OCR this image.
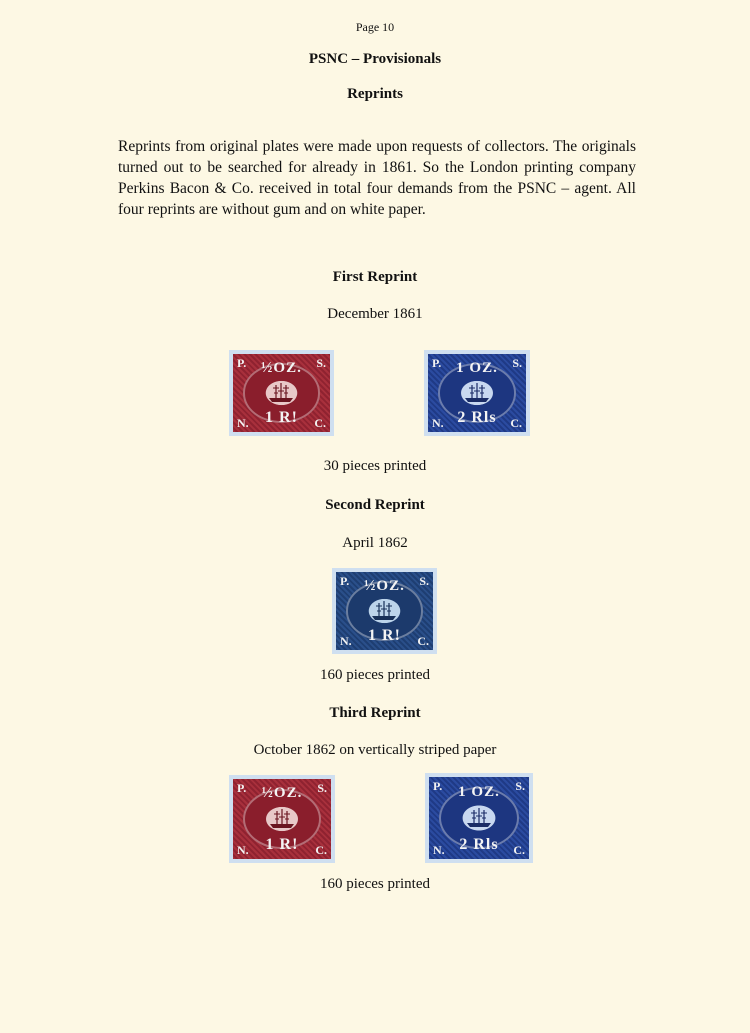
Page 10
PSNC – Provisionals
Reprints
Reprints from original plates were made upon requests of collectors. The originals turned out to be searched for already in 1861. So the London printing company Perkins Bacon & Co. received in total four demands from the PSNC – agent. All four reprints are without gum and on white paper.
First Reprint
December 1861
P.	S.
N.	C.
½OZ.
1 R!
P.	S.
N.	C.
1 OZ.
2 Rls
30 pieces printed
Second Reprint
April 1862
P.	S.
N.	C.
½OZ.
1 R!
160 pieces printed
Third Reprint
October 1862 on vertically striped paper
P.	S.
N.	C.
½OZ.
1 R!
P.	S.
N.	C.
1 OZ.
2 Rls
160 pieces printed
